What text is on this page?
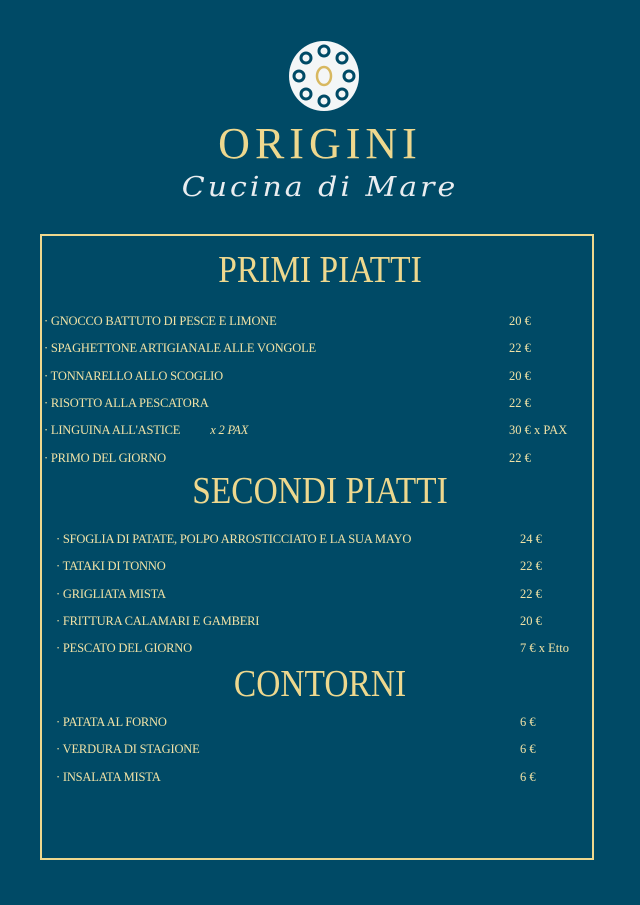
ORIGINI
Cucina di Mare
PRIMI PIATTI
· GNOCCO BATTUTO DI PESCE E LIMONE	20 €
· SPAGHETTONE ARTIGIANALE ALLE VONGOLE	22 €
· TONNARELLO ALLO SCOGLIO	20 €
· RISOTTO ALLA PESCATORA	22 €
· LINGUINA ALL'ASTICE x 2 PAX	30 € x PAX
· PRIMO DEL GIORNO	22 €
SECONDI PIATTI
· SFOGLIA DI PATATE, POLPO ARROSTICCIATO E LA SUA MAYO	24 €
· TATAKI DI TONNO	22 €
· GRIGLIATA MISTA	22 €
· FRITTURA CALAMARI E GAMBERI	20 €
· PESCATO DEL GIORNO	7 € x Etto
CONTORNI
· PATATA AL FORNO	6 €
· VERDURA DI STAGIONE	6 €
· INSALATA MISTA	6 €
